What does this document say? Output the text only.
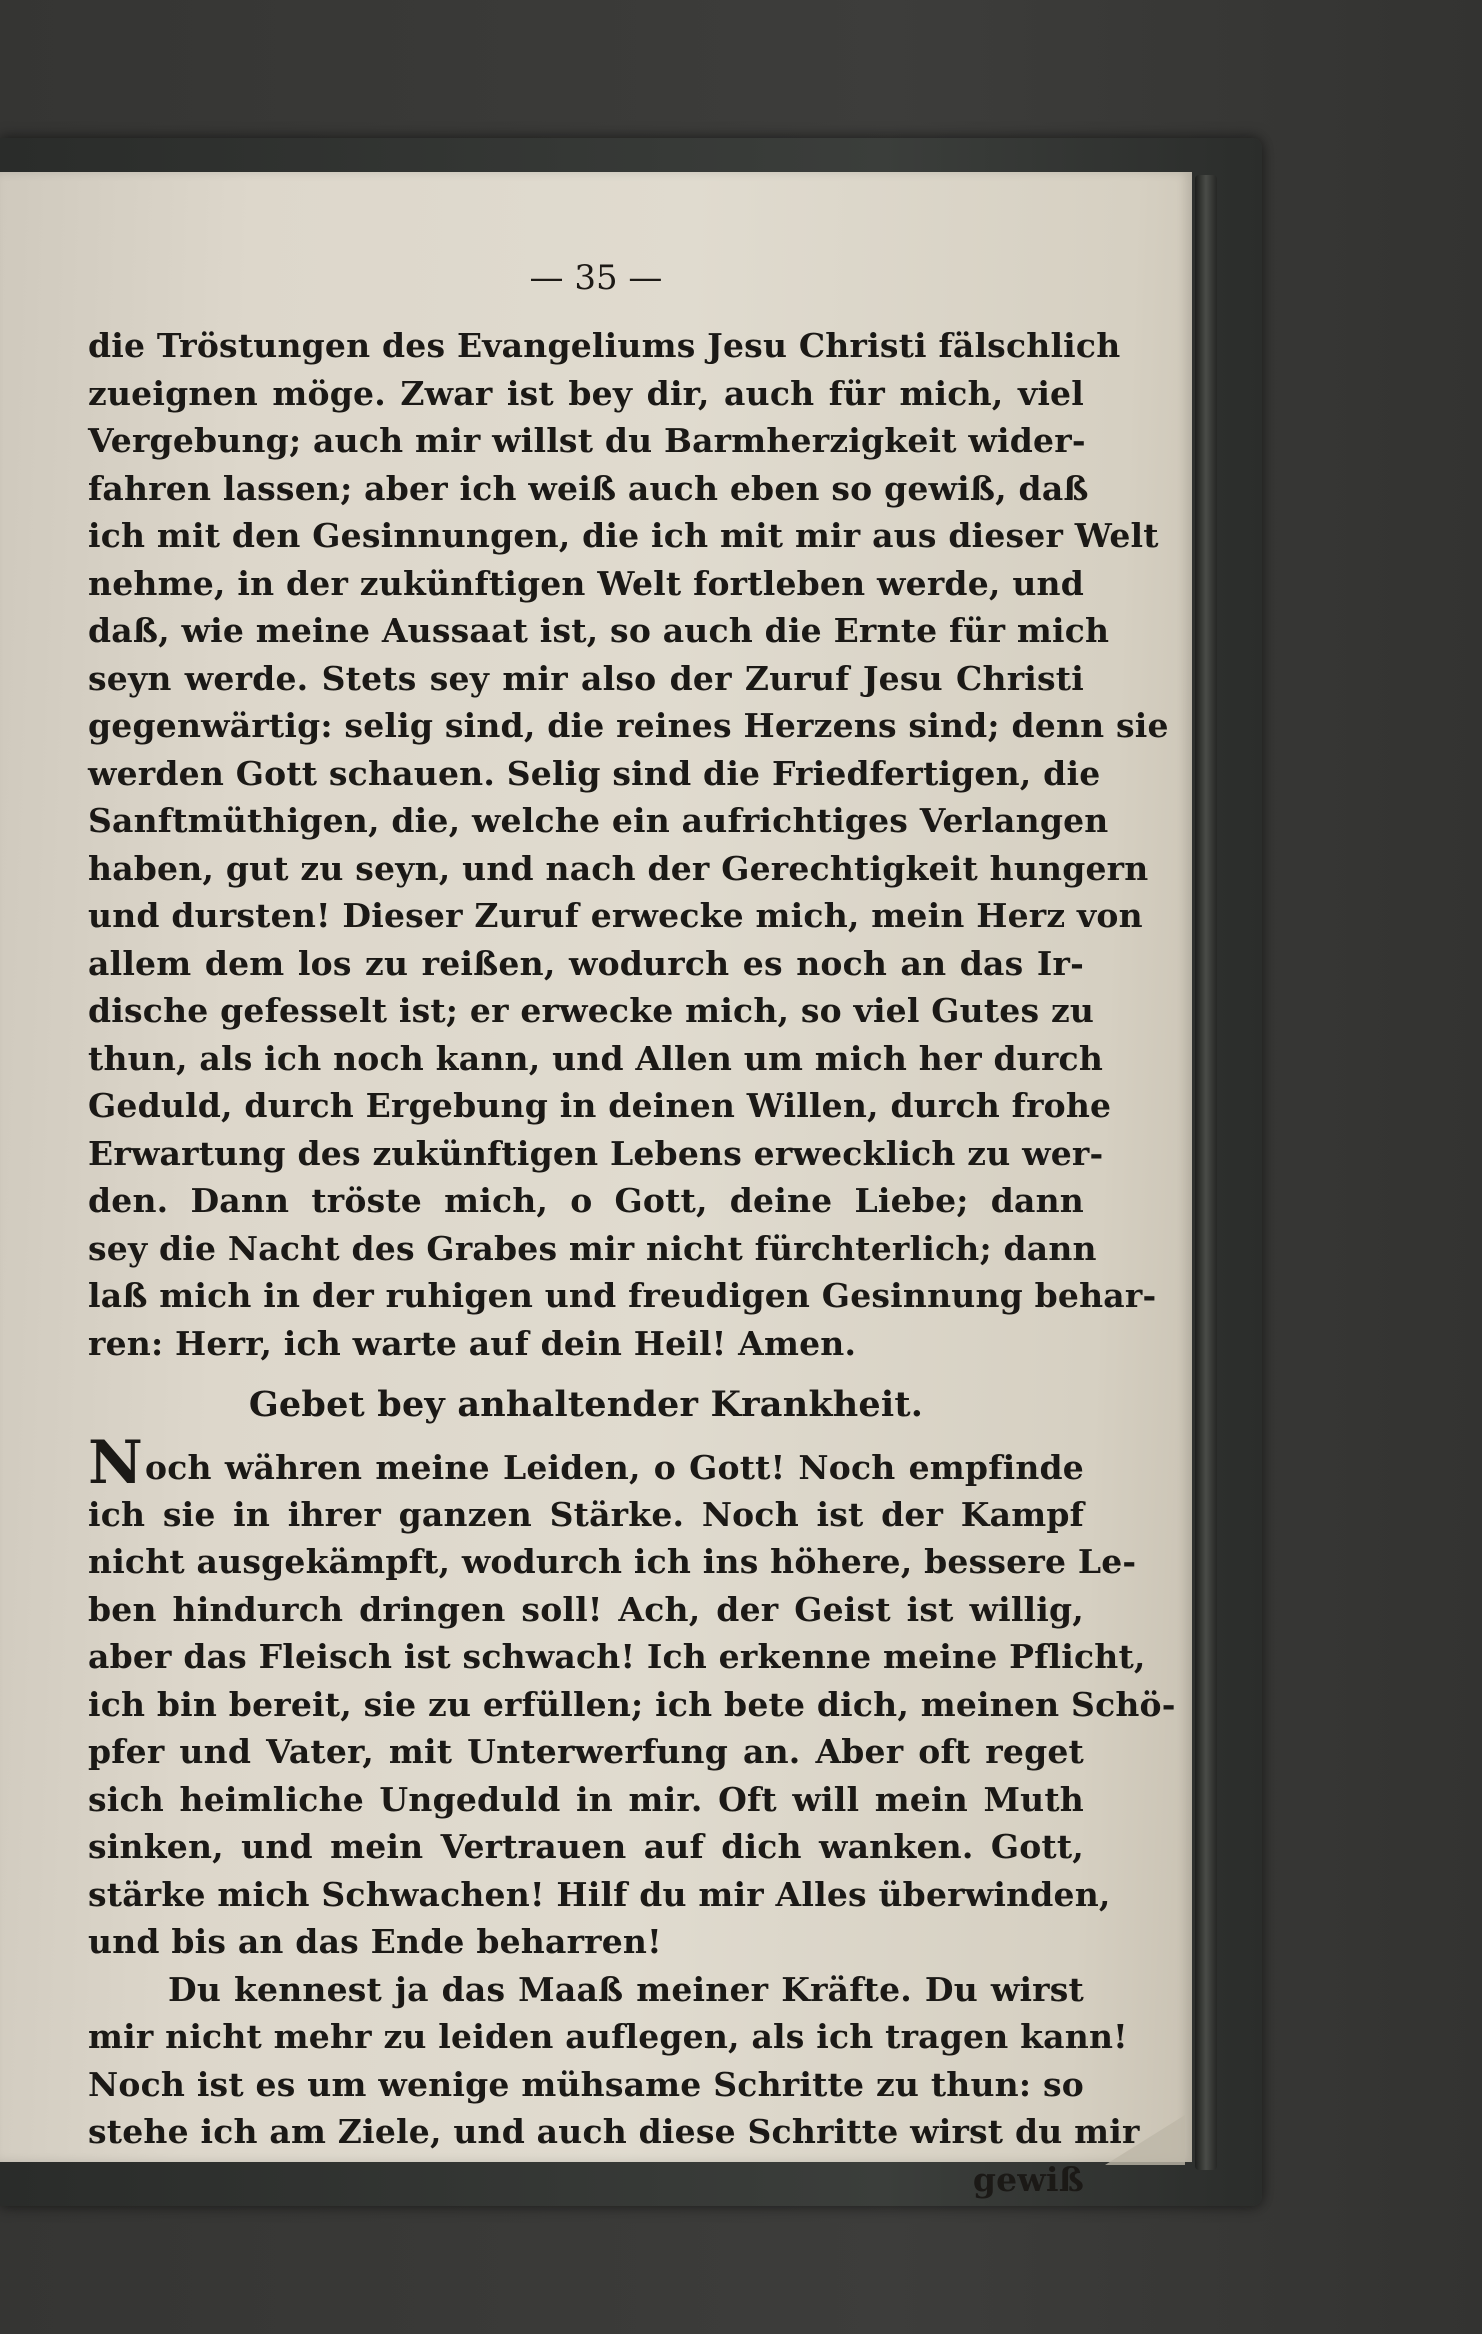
— 35 —
die Tröstungen des Evangeliums Jesu Christi fälschlich
zueignen möge. Zwar ist bey dir, auch für mich, viel
Vergebung; auch mir willst du Barmherzigkeit wider-
fahren lassen; aber ich weiß auch eben so gewiß, daß
ich mit den Gesinnungen, die ich mit mir aus dieser Welt
nehme, in der zukünftigen Welt fortleben werde, und
daß, wie meine Aussaat ist, so auch die Ernte für mich
seyn werde. Stets sey mir also der Zuruf Jesu Christi
gegenwärtig: selig sind, die reines Herzens sind; denn sie
werden Gott schauen. Selig sind die Friedfertigen, die
Sanftmüthigen, die, welche ein aufrichtiges Verlangen
haben, gut zu seyn, und nach der Gerechtigkeit hungern
und dursten! Dieser Zuruf erwecke mich, mein Herz von
allem dem los zu reißen, wodurch es noch an das Ir-
dische gefesselt ist; er erwecke mich, so viel Gutes zu
thun, als ich noch kann, und Allen um mich her durch
Geduld, durch Ergebung in deinen Willen, durch frohe
Erwartung des zukünftigen Lebens erwecklich zu wer-
den. Dann tröste mich, o Gott, deine Liebe; dann
sey die Nacht des Grabes mir nicht fürchterlich; dann
laß mich in der ruhigen und freudigen Gesinnung behar-
ren: Herr, ich warte auf dein Heil! Amen.
Gebet bey anhaltender Krankheit.
Noch währen meine Leiden, o Gott! Noch empfinde
ich sie in ihrer ganzen Stärke. Noch ist der Kampf
nicht ausgekämpft, wodurch ich ins höhere, bessere Le-
ben hindurch dringen soll! Ach, der Geist ist willig,
aber das Fleisch ist schwach! Ich erkenne meine Pflicht,
ich bin bereit, sie zu erfüllen; ich bete dich, meinen Schö-
pfer und Vater, mit Unterwerfung an. Aber oft reget
sich heimliche Ungeduld in mir. Oft will mein Muth
sinken, und mein Vertrauen auf dich wanken. Gott,
stärke mich Schwachen! Hilf du mir Alles überwinden,
und bis an das Ende beharren!
Du kennest ja das Maaß meiner Kräfte. Du wirst
mir nicht mehr zu leiden auflegen, als ich tragen kann!
Noch ist es um wenige mühsame Schritte zu thun: so
stehe ich am Ziele, und auch diese Schritte wirst du mir
gewiß
